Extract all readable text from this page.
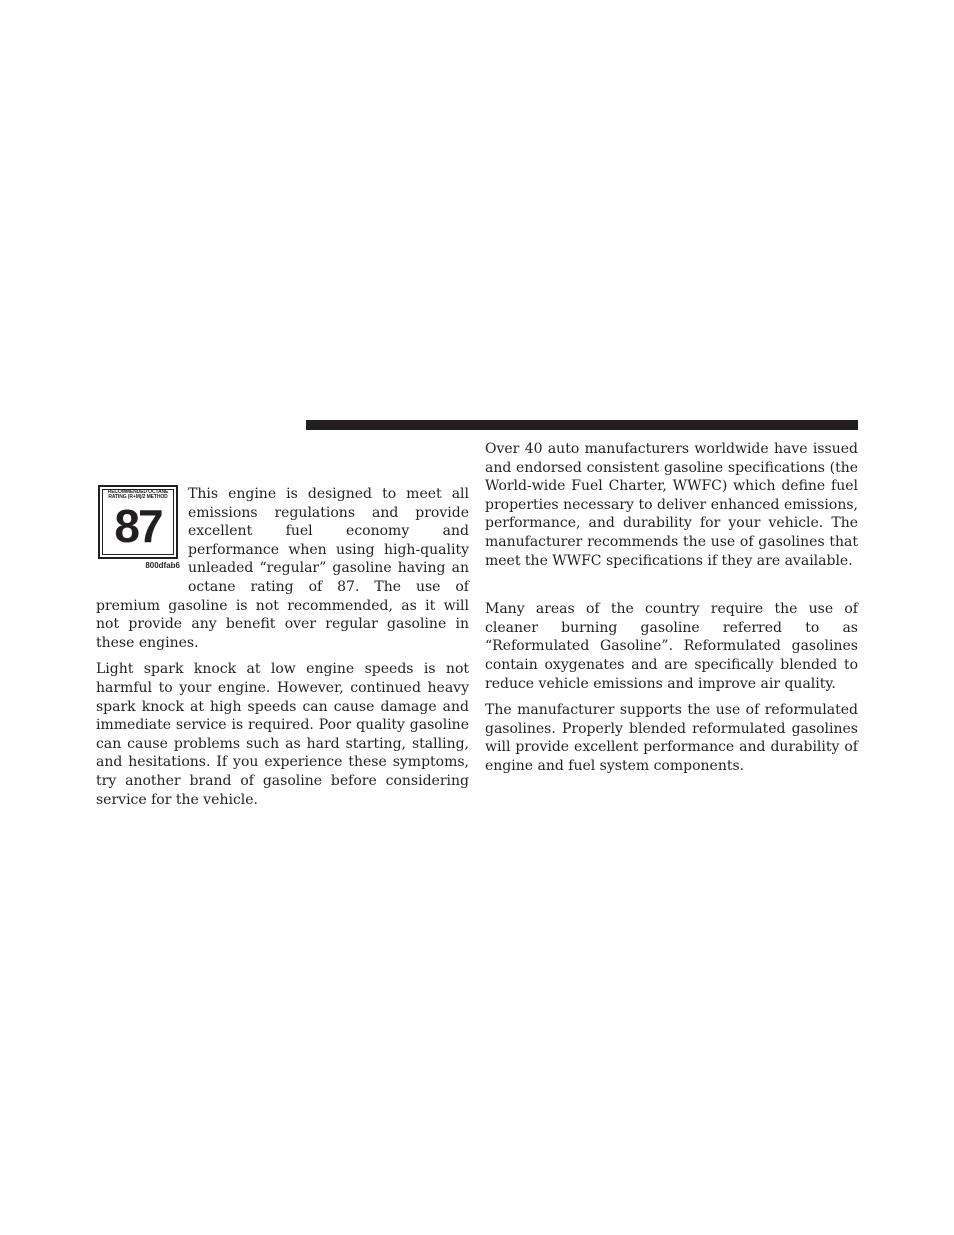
RECOMMENDED OCTANE RATING (R+M)/2 METHOD
87
800dfab6

This engine is designed to meet all emissions regulations and provide excellent fuel economy and performance when using high-quality unleaded “regular” gasoline having an octane rating of 87. The use of premium gasoline is not recommended, as it will not provide any benefit over regular gasoline in these engines.

Light spark knock at low engine speeds is not harmful to your engine. However, continued heavy spark knock at high speeds can cause damage and immediate service is required. Poor quality gasoline can cause problems such as hard starting, stalling, and hesitations. If you experience these symptoms, try another brand of gasoline before considering service for the vehicle.

Over 40 auto manufacturers worldwide have issued and endorsed consistent gasoline specifications (the World-wide Fuel Charter, WWFC) which define fuel properties necessary to deliver enhanced emissions, performance, and durability for your vehicle. The manufacturer recommends the use of gasolines that meet the WWFC specifications if they are available.

Many areas of the country require the use of cleaner burning gasoline referred to as “Reformulated Gasoline”. Reformulated gasolines contain oxygenates and are specifically blended to reduce vehicle emissions and improve air quality.

The manufacturer supports the use of reformulated gasolines. Properly blended reformulated gasolines will provide excellent performance and durability of engine and fuel system components.
